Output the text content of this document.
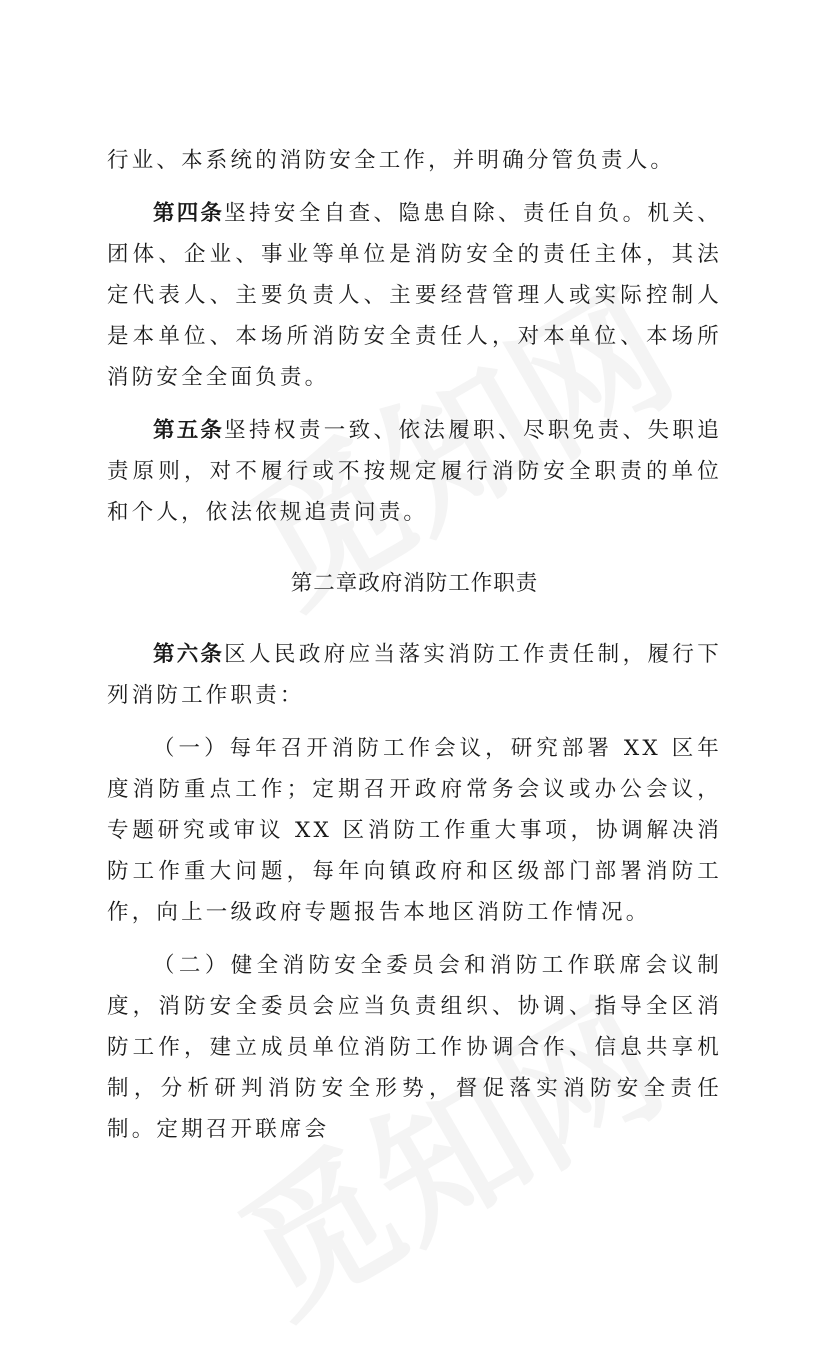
行业、本系统的消防安全工作，并明确分管负责人。

第四条坚持安全自查、隐患自除、责任自负。机关、团体、企业、事业等单位是消防安全的责任主体，其法定代表人、主要负责人、主要经营管理人或实际控制人是本单位、本场所消防安全责任人，对本单位、本场所消防安全全面负责。

第五条坚持权责一致、依法履职、尽职免责、失职追责原则，对不履行或不按规定履行消防安全职责的单位和个人，依法依规追责问责。

第二章政府消防工作职责

第六条区人民政府应当落实消防工作责任制，履行下列消防工作职责：

（一）每年召开消防工作会议，研究部署 XX 区年度消防重点工作；定期召开政府常务会议或办公会议，专题研究或审议 XX 区消防工作重大事项，协调解决消防工作重大问题，每年向镇政府和区级部门部署消防工作，向上一级政府专题报告本地区消防工作情况。

（二）健全消防安全委员会和消防工作联席会议制度，消防安全委员会应当负责组织、协调、指导全区消防工作，建立成员单位消防工作协调合作、信息共享机制，分析研判消防安全形势，督促落实消防安全责任制。定期召开联席会
